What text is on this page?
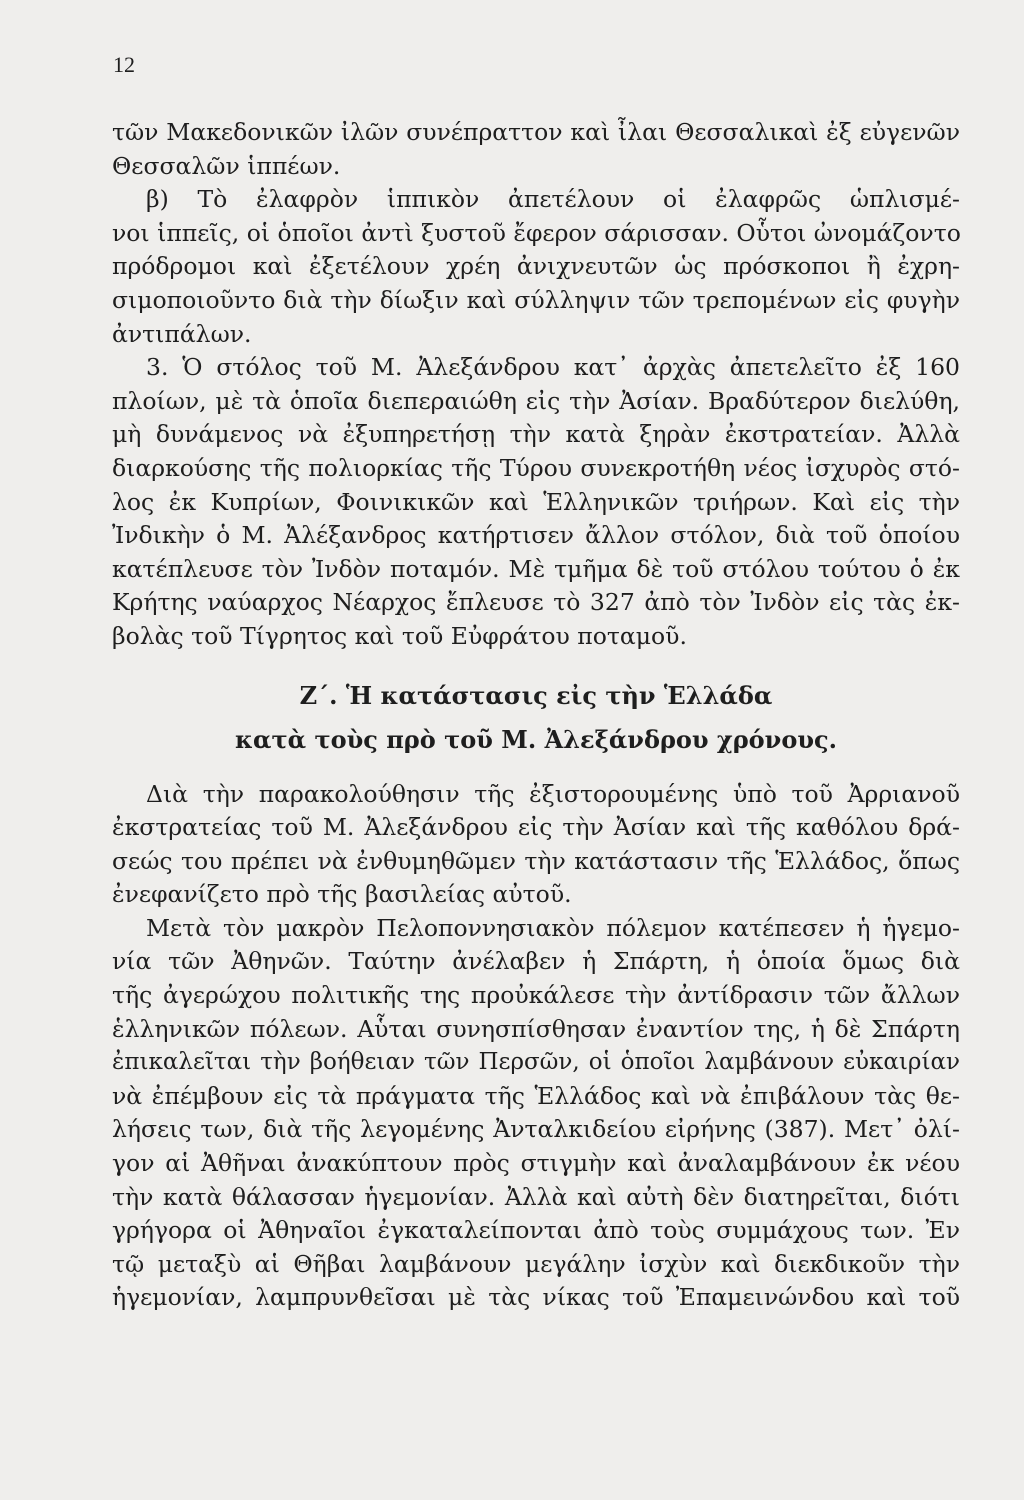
12
τῶν Μακεδονικῶν ἰλῶν συνέπραττον καὶ ἶλαι Θεσσαλικαὶ ἐξ εὐγενῶν
Θεσσαλῶν ἱππέων.
β) Τὸ ἐλαφρὸν ἱππικὸν ἀπετέλουν οἱ ἐλαφρῶς ὡπλισμέ-
νοι ἱππεῖς, οἱ ὁποῖοι ἀντὶ ξυστοῦ ἔφερον σάρισσαν. Οὗτοι ὠνομάζοντο
πρόδρομοι καὶ ἐξετέλουν χρέη ἀνιχνευτῶν ὡς πρόσκοποι ἢ ἐχρη-
σιμοποιοῦντο διὰ τὴν δίωξιν καὶ σύλληψιν τῶν τρεπομένων εἰς φυγὴν
ἀντιπάλων.
3. Ὁ στόλος τοῦ Μ. Ἀλεξάνδρου κατ᾿ ἀρχὰς ἀπετελεῖτο ἐξ 160
πλοίων, μὲ τὰ ὁποῖα διεπεραιώθη εἰς τὴν Ἀσίαν. Βραδύτερον διελύθη,
μὴ δυνάμενος νὰ ἐξυπηρετήσῃ τὴν κατὰ ξηρὰν ἐκστρατείαν. Ἀλλὰ
διαρκούσης τῆς πολιορκίας τῆς Τύρου συνεκροτήθη νέος ἰσχυρὸς στό-
λος ἐκ Κυπρίων, Φοινικικῶν καὶ Ἑλληνικῶν τριήρων. Καὶ εἰς τὴν
Ἰνδικὴν ὁ Μ. Ἀλέξανδρος κατήρτισεν ἄλλον στόλον, διὰ τοῦ ὁποίου
κατέπλευσε τὸν Ἰνδὸν ποταμόν. Μὲ τμῆμα δὲ τοῦ στόλου τούτου ὁ ἐκ
Κρήτης ναύαρχος Νέαρχος ἔπλευσε τὸ 327 ἀπὸ τὸν Ἰνδὸν εἰς τὰς ἐκ-
βολὰς τοῦ Τίγρητος καὶ τοῦ Εὐφράτου ποταμοῦ.
Ζ΄. Ἡ κατάστασις εἰς τὴν Ἑλλάδα
κατὰ τοὺς πρὸ τοῦ Μ. Ἀλεξάνδρου χρόνους.
Διὰ τὴν παρακολούθησιν τῆς ἐξιστορουμένης ὑπὸ τοῦ Ἀρριανοῦ
ἐκστρατείας τοῦ Μ. Ἀλεξάνδρου εἰς τὴν Ἀσίαν καὶ τῆς καθόλου δρά-
σεώς του πρέπει νὰ ἐνθυμηθῶμεν τὴν κατάστασιν τῆς Ἑλλάδος, ὅπως
ἐνεφανίζετο πρὸ τῆς βασιλείας αὐτοῦ.
Μετὰ τὸν μακρὸν Πελοποννησιακὸν πόλεμον κατέπεσεν ἡ ἡγεμο-
νία τῶν Ἀθηνῶν. Ταύτην ἀνέλαβεν ἡ Σπάρτη, ἡ ὁποία ὅμως διὰ
τῆς ἀγερώχου πολιτικῆς της προὐκάλεσε τὴν ἀντίδρασιν τῶν ἄλλων
ἑλληνικῶν πόλεων. Αὗται συνησπίσθησαν ἐναντίον της, ἡ δὲ Σπάρτη
ἐπικαλεῖται τὴν βοήθειαν τῶν Περσῶν, οἱ ὁποῖοι λαμβάνουν εὐκαιρίαν
νὰ ἐπέμβουν εἰς τὰ πράγματα τῆς Ἑλλάδος καὶ νὰ ἐπιβάλουν τὰς θε-
λήσεις των, διὰ τῆς λεγομένης Ἀνταλκιδείου εἰρήνης (387). Μετ᾿ ὀλί-
γον αἱ Ἀθῆναι ἀνακύπτουν πρὸς στιγμὴν καὶ ἀναλαμβάνουν ἐκ νέου
τὴν κατὰ θάλασσαν ἡγεμονίαν. Ἀλλὰ καὶ αὐτὴ δὲν διατηρεῖται, διότι
γρήγορα οἱ Ἀθηναῖοι ἐγκαταλείπονται ἀπὸ τοὺς συμμάχους των. Ἐν
τῷ μεταξὺ αἱ Θῆβαι λαμβάνουν μεγάλην ἰσχὺν καὶ διεκδικοῦν τὴν
ἡγεμονίαν, λαμπρυνθεῖσαι μὲ τὰς νίκας τοῦ Ἐπαμεινώνδου καὶ τοῦ
